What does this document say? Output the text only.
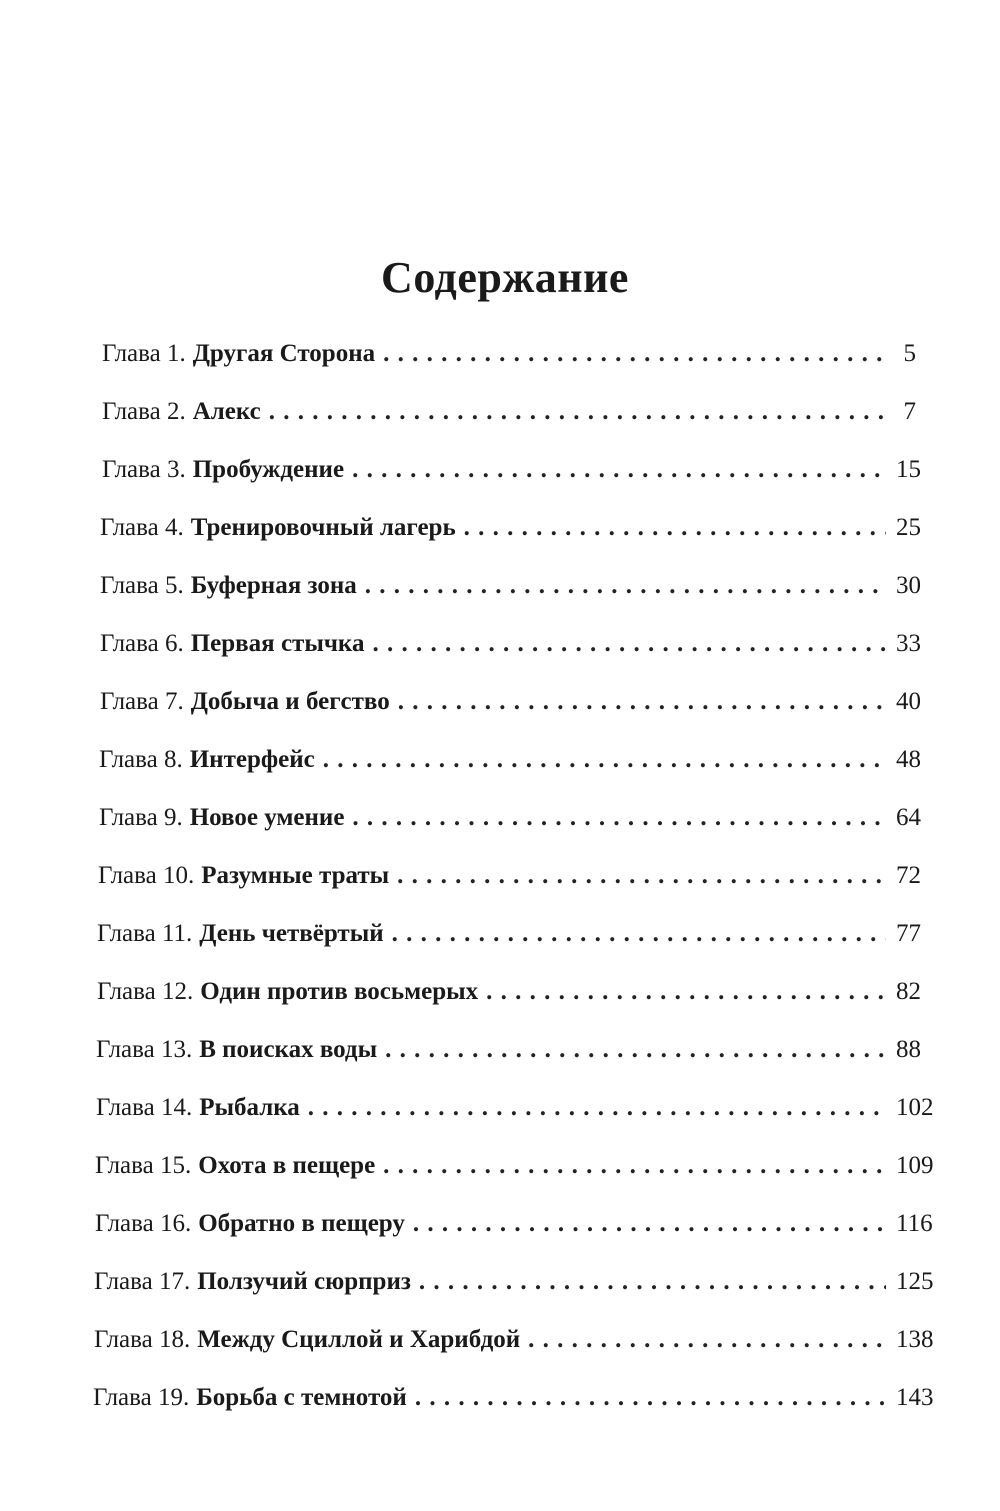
Содержание
Глава 1. Другая Сторона . . .	5
Глава 2. Алекс . . .	7
Глава 3. Пробуждение . . .	15
Глава 4. Тренировочный лагерь . . .	25
Глава 5. Буферная зона . . .	30
Глава 6. Первая стычка . . .	33
Глава 7. Добыча и бегство . . .	40
Глава 8. Интерфейс . . .	48
Глава 9. Новое умение . . .	64
Глава 10. Разумные траты . . .	72
Глава 11. День четвёртый . . .	77
Глава 12. Один против восьмерых . . .	82
Глава 13. В поисках воды . . .	88
Глава 14. Рыбалка . . .	102
Глава 15. Охота в пещере . . .	109
Глава 16. Обратно в пещеру . . .	116
Глава 17. Ползучий сюрприз . . .	125
Глава 18. Между Сциллой и Харибдой . . .	138
Глава 19. Борьба с темнотой . . .	143
